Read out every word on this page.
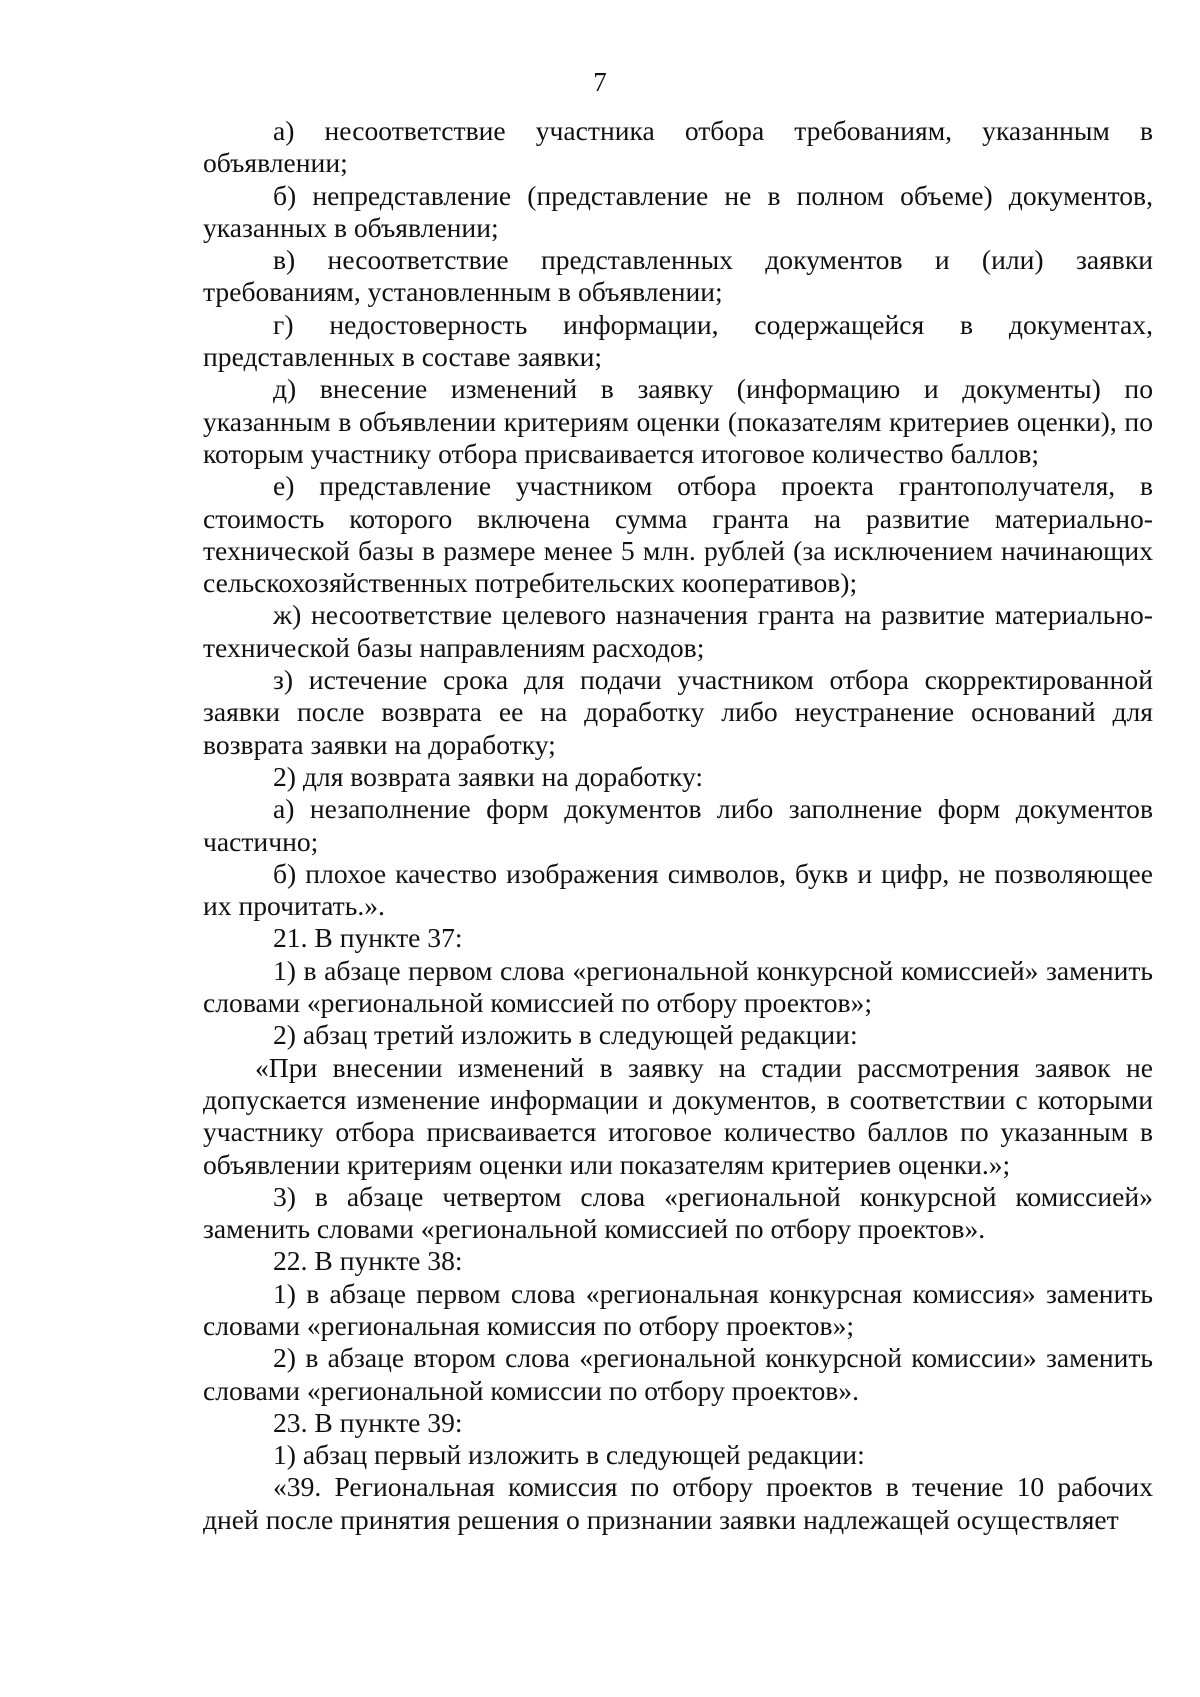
7

а) несоответствие участника отбора требованиям, указанным в объявлении;

б) непредставление (представление не в полном объеме) документов, указанных в объявлении;

в) несоответствие представленных документов и (или) заявки требованиям, установленным в объявлении;

г) недостоверность информации, содержащейся в документах, представленных в составе заявки;

д) внесение изменений в заявку (информацию и документы) по указанным в объявлении критериям оценки (показателям критериев оценки), по которым участнику отбора присваивается итоговое количество баллов;

е) представление участником отбора проекта грантополучателя, в стоимость которого включена сумма гранта на развитие материально-технической базы в размере менее 5 млн. рублей (за исключением начинающих сельскохозяйственных потребительских кооперативов);

ж) несоответствие целевого назначения гранта на развитие материально-технической базы направлениям расходов;

з) истечение срока для подачи участником отбора скорректированной заявки после возврата ее на доработку либо неустранение оснований для возврата заявки на доработку;

2) для возврата заявки на доработку:

а) незаполнение форм документов либо заполнение форм документов частично;

б) плохое качество изображения символов, букв и цифр, не позволяющее их прочитать.».

21. В пункте 37:

1) в абзаце первом слова «региональной конкурсной комиссией» заменить словами «региональной комиссией по отбору проектов»;

2) абзац третий изложить в следующей редакции:

«При внесении изменений в заявку на стадии рассмотрения заявок не допускается изменение информации и документов, в соответствии с которыми участнику отбора присваивается итоговое количество баллов по указанным в объявлении критериям оценки или показателям критериев оценки.»;

3) в абзаце четвертом слова «региональной конкурсной комиссией» заменить словами «региональной комиссией по отбору проектов».

22. В пункте 38:

1) в абзаце первом слова «региональная конкурсная комиссия» заменить словами «региональная комиссия по отбору проектов»;

2) в абзаце втором слова «региональной конкурсной комиссии» заменить словами «региональной комиссии по отбору проектов».

23. В пункте 39:

1) абзац первый изложить в следующей редакции:

«39. Региональная комиссия по отбору проектов в течение 10 рабочих дней после принятия решения о признании заявки надлежащей осуществляет
